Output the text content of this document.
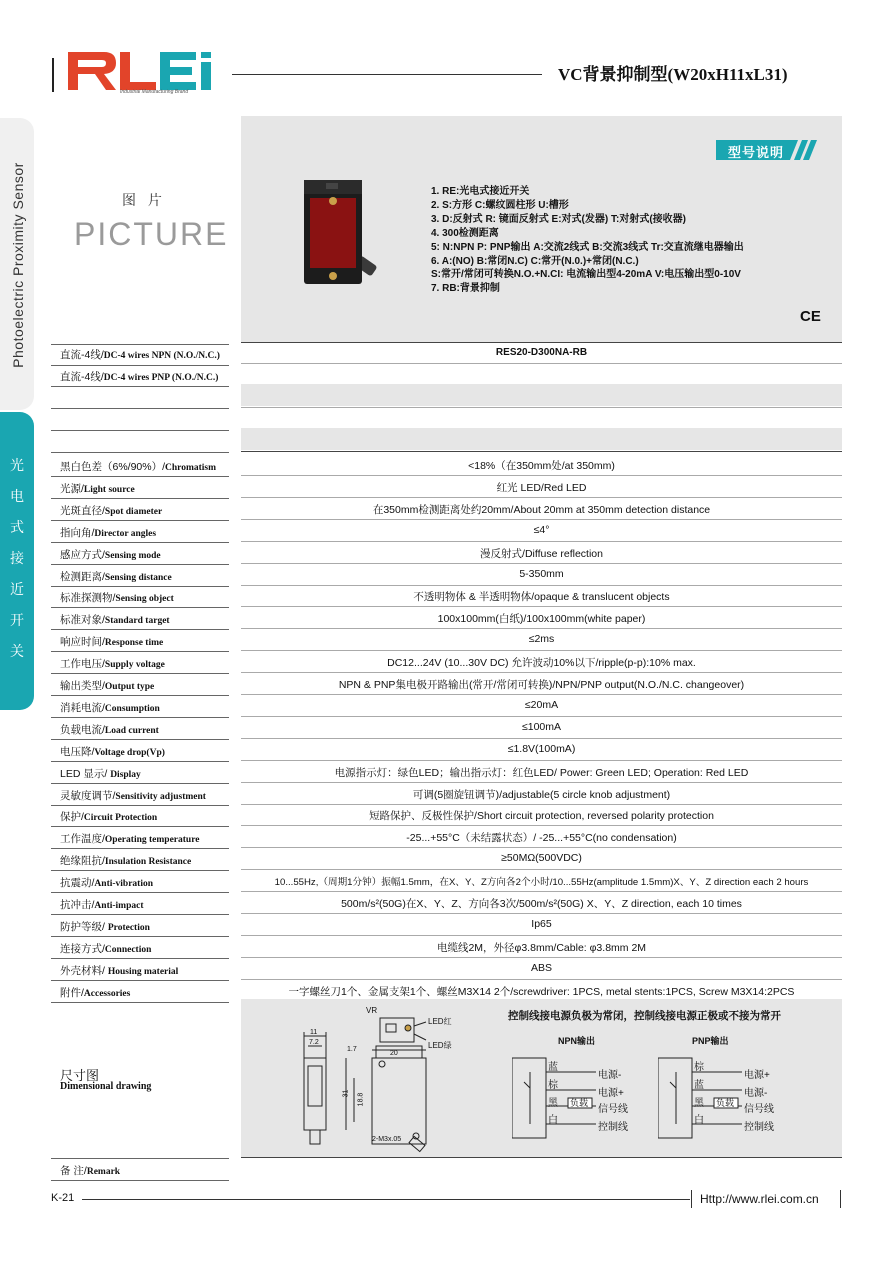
Industrial Manufacturing Brand
VC背景抑制型(W20xH11xL31)
Photoelectric Proximity Sensor
光
电
式
接
近
开
关
图 片
PICTURE
型号说明
1. RE:光电式接近开关
2. S:方形 C:螺纹圆柱形 U:槽形
3. D:反射式 R: 镜面反射式 E:对式(发器) T:对射式(接收器)
4. 300检测距离
5: N:NPN P: PNP输出 A:交流2线式 B:交流3线式 Tr:交直流继电器输出
6. A:(NO) B:常闭N.C) C:常开(N.0.)+常闭(N.C.)
S:常开/常闭可转换N.O.+N.CI: 电流输出型4-20mA V:电压输出型0-10V
7. RB:背景抑制
CE
直流-4线/DC-4 wires NPN (N.O./N.C.)	RES20-D300NA-RB
直流-4线/DC-4 wires PNP (N.O./N.C.)
黑白色差（6%/90%）/Chromatism	<18%（在350mm处/at 350mm)
光源/Light source	红光 LED/Red LED
光斑直径/Spot diameter	在350mm检测距离处约20mm/About 20mm at 350mm detection distance
指向角/Director angles	≤4°
感应方式/Sensing mode	漫反射式/Diffuse reflection
检测距离/Sensing distance	5-350mm
标准探测物/Sensing object	不透明物体 & 半透明物体/opaque & translucent objects
标准对象/Standard target	100x100mm(白纸)/100x100mm(white paper)
响应时间/Response time	≤2ms
工作电压/Supply voltage	DC12...24V (10...30V DC) 允许波动10%以下/ripple(p-p):10% max.
输出类型/Output type	NPN & PNP集电极开路输出(常开/常闭可转换)/NPN/PNP output(N.O./N.C. changeover)
消耗电流/Consumption	≤20mA
负载电流/Load current	≤100mA
电压降/Voltage drop(Vp)	≤1.8V(100mA)
LED 显示/ Display	电源指示灯：绿色LED；输出指示灯：红色LED/ Power: Green LED; Operation: Red LED
灵敏度调节/Sensitivity adjustment	可调(5圈旋钮调节)/adjustable(5 circle knob adjustment)
保护/Circuit Protection	短路保护、反极性保护/Short circuit protection, reversed polarity protection
工作温度/Operating temperature	-25...+55°C（未结露状态）/ -25...+55°C(no condensation)
绝缘阻抗/Insulation Resistance	≥50MΩ(500VDC)
抗震动/Anti-vibration	10...55Hz,（周期1分钟）振幅1.5mm，在X、Y、Z方向各2个小时/10...55Hz(amplitude 1.5mm)X、Y、Z direction each 2 hours
抗冲击/Anti-impact	500m/s²(50G)在X、Y、Z、方向各3次/500m/s²(50G) X、Y、Z direction, each 10 times
防护等级/ Protection	Ip65
连接方式/Connection	电缆线2M，外径φ3.8mm/Cable: φ3.8mm 2M
外壳材料/ Housing material	ABS
附件/Accessories	一字螺丝刀1个、金属支架1个、螺丝M3X14 2个/screwdriver: 1PCS, metal stents:1PCS, Screw M3X14:2PCS
尺寸图
Dimensional drawing
11
7.2
1.7
20
31 18.8
2-M3x.05
VR
LED红
LED绿
控制线接电源负极为常闭，控制线接电源正极或不接为常开
NPN输出	PNP输出
蓝
棕
黑
白
负载
电源-
电源+
信号线
控制线
棕
蓝
黑
白
负载
电源+
电源-
信号线
控制线
备 注/Remark
K-21	Http://www.rlei.com.cn
